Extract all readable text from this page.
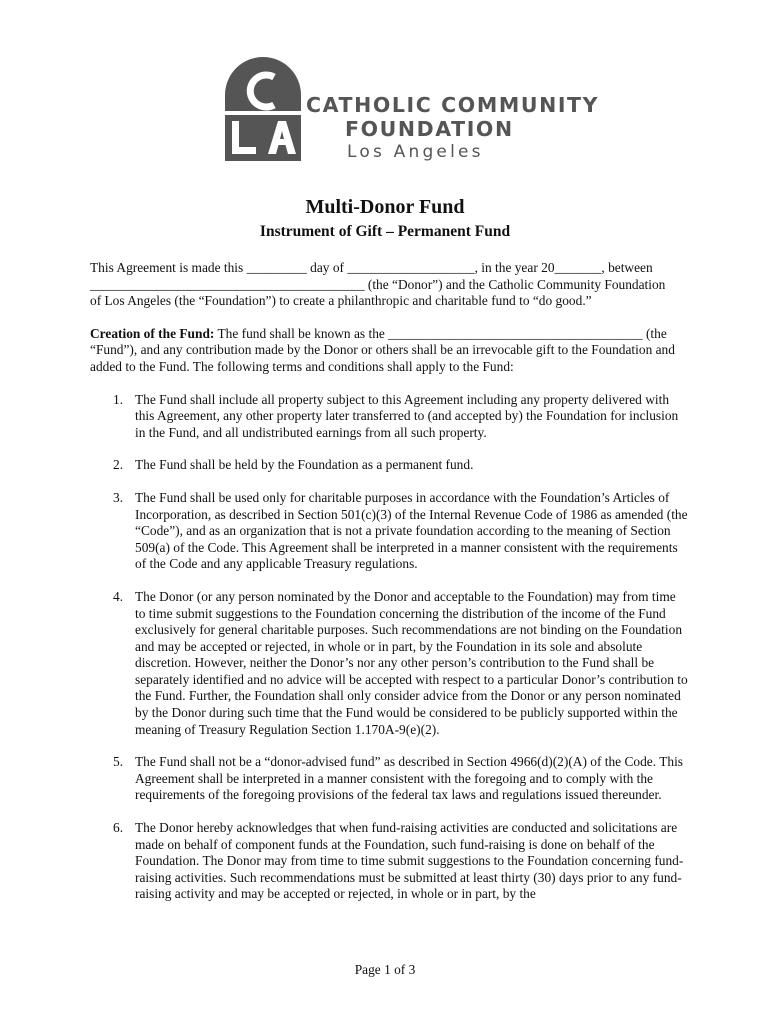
CATHOLIC COMMUNITY
FOUNDATION
Los Angeles
Multi-Donor Fund
Instrument of Gift – Permanent Fund
This Agreement is made this _________ day of ___________________, in the year 20_______, between
_________________________________________ (the “Donor”) and the Catholic Community Foundation
of Los Angeles (the “Foundation”) to create a philanthropic and charitable fund to “do good.”
Creation of the Fund: The fund shall be known as the ______________________________________ (the “Fund”), and any contribution made by the Donor or others shall be an irrevocable gift to the Foundation and added to the Fund. The following terms and conditions shall apply to the Fund:
1. The Fund shall include all property subject to this Agreement including any property delivered with this Agreement, any other property later transferred to (and accepted by) the Foundation for inclusion in the Fund, and all undistributed earnings from all such property.
2. The Fund shall be held by the Foundation as a permanent fund.
3. The Fund shall be used only for charitable purposes in accordance with the Foundation’s Articles of Incorporation, as described in Section 501(c)(3) of the Internal Revenue Code of 1986 as amended (the “Code”), and as an organization that is not a private foundation according to the meaning of Section 509(a) of the Code. This Agreement shall be interpreted in a manner consistent with the requirements of the Code and any applicable Treasury regulations.
4. The Donor (or any person nominated by the Donor and acceptable to the Foundation) may from time to time submit suggestions to the Foundation concerning the distribution of the income of the Fund exclusively for general charitable purposes. Such recommendations are not binding on the Foundation and may be accepted or rejected, in whole or in part, by the Foundation in its sole and absolute discretion. However, neither the Donor’s nor any other person’s contribution to the Fund shall be separately identified and no advice will be accepted with respect to a particular Donor’s contribution to the Fund. Further, the Foundation shall only consider advice from the Donor or any person nominated by the Donor during such time that the Fund would be considered to be publicly supported within the meaning of Treasury Regulation Section 1.170A-9(e)(2).
5. The Fund shall not be a “donor-advised fund” as described in Section 4966(d)(2)(A) of the Code. This Agreement shall be interpreted in a manner consistent with the foregoing and to comply with the requirements of the foregoing provisions of the federal tax laws and regulations issued thereunder.
6. The Donor hereby acknowledges that when fund-raising activities are conducted and solicitations are made on behalf of component funds at the Foundation, such fund-raising is done on behalf of the Foundation. The Donor may from time to time submit suggestions to the Foundation concerning fund-raising activities. Such recommendations must be submitted at least thirty (30) days prior to any fund-raising activity and may be accepted or rejected, in whole or in part, by the
Page 1 of 3
